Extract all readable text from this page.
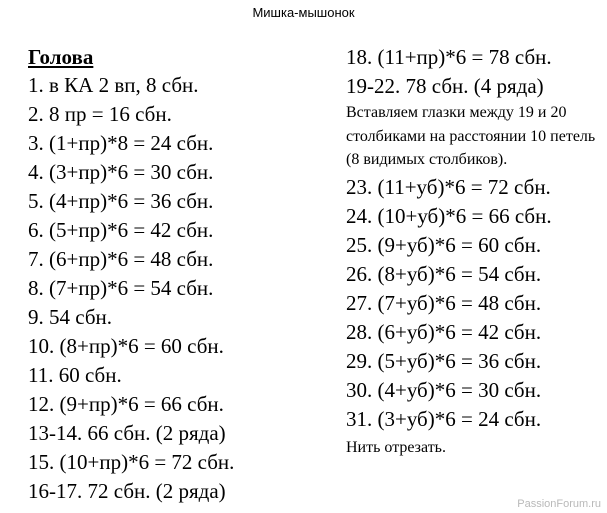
Мишка-мышонок
Голова
1. в КА 2 вп, 8 сбн.
2. 8 пр = 16 сбн.
3. (1+пр)*8 = 24 сбн.
4. (3+пр)*6 = 30 сбн.
5. (4+пр)*6 = 36 сбн.
6. (5+пр)*6 = 42 сбн.
7. (6+пр)*6 = 48 сбн.
8. (7+пр)*6 = 54 сбн.
9. 54 сбн.
10. (8+пр)*6 = 60 сбн.
11. 60 сбн.
12. (9+пр)*6 = 66 сбн.
13-14. 66 сбн. (2 ряда)
15. (10+пр)*6 = 72 сбн.
16-17. 72 сбн. (2 ряда)
18. (11+пр)*6 = 78 сбн.
19-22. 78 сбн. (4 ряда)
Вставляем глазки между 19 и 20 столбиками на расстоянии 10 петель (8 видимых столбиков).
23. (11+уб)*6 = 72 сбн.
24. (10+уб)*6 = 66 сбн.
25. (9+уб)*6 = 60 сбн.
26. (8+уб)*6 = 54 сбн.
27. (7+уб)*6 = 48 сбн.
28. (6+уб)*6 = 42 сбн.
29. (5+уб)*6 = 36 сбн.
30. (4+уб)*6 = 30 сбн.
31. (3+уб)*6 = 24 сбн.
Нить отрезать.
PassionForum.ru
